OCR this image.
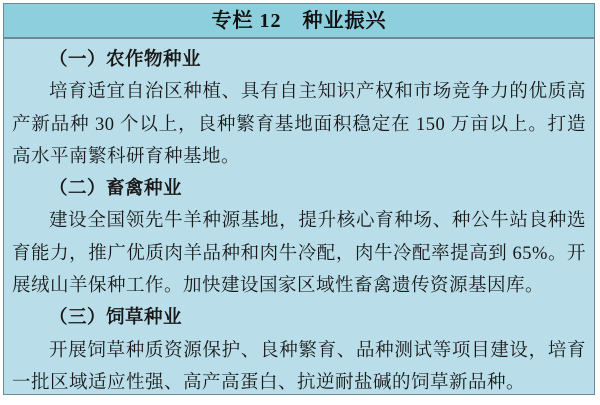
专栏 12　种业振兴

（一）农作物种业

培育适宜自治区种植、具有自主知识产权和市场竞争力的优质高产新品种 30 个以上，良种繁育基地面积稳定在 150 万亩以上。打造高水平南繁科研育种基地。

（二）畜禽种业

建设全国领先牛羊种源基地，提升核心育种场、种公牛站良种选育能力，推广优质肉羊品种和肉牛冷配，肉牛冷配率提高到 65%。开展绒山羊保种工作。加快建设国家区域性畜禽遗传资源基因库。

（三）饲草种业

开展饲草种质资源保护、良种繁育、品种测试等项目建设，培育一批区域适应性强、高产高蛋白、抗逆耐盐碱的饲草新品种。
